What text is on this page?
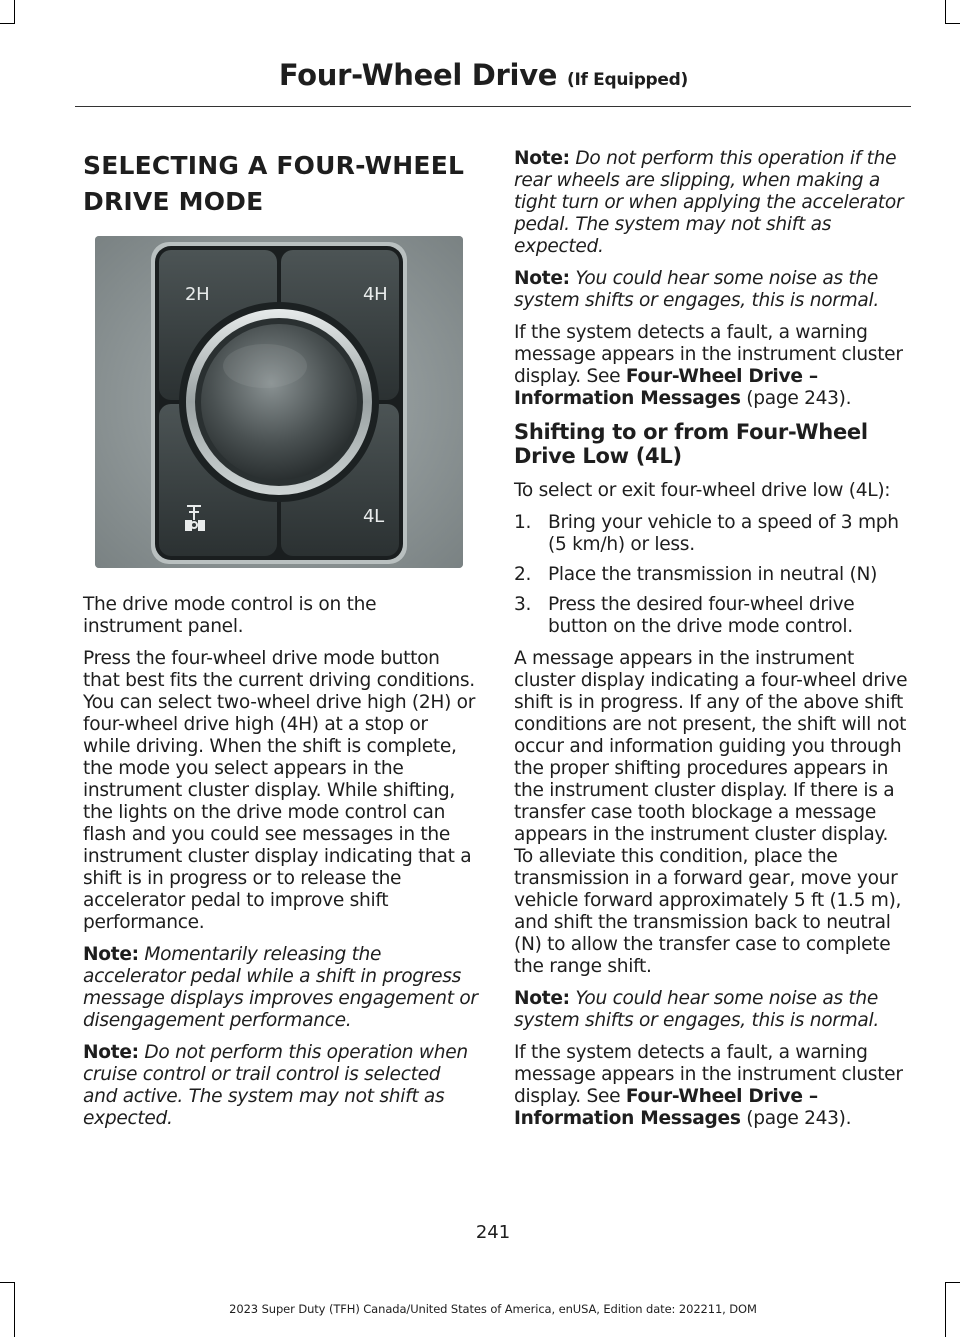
Four-Wheel Drive (If Equipped)
SELECTING A FOUR-WHEEL
DRIVE MODE
2H	4H
4L

The drive mode control is on the instrument panel.

Press the four-wheel drive mode button that best fits the current driving conditions. You can select two-wheel drive high (2H) or four-wheel drive high (4H) at a stop or while driving. When the shift is complete, the mode you select appears in the instrument cluster display. While shifting, the lights on the drive mode control can flash and you could see messages in the instrument cluster display indicating that a shift is in progress or to release the accelerator pedal to improve shift performance.

Note: Momentarily releasing the accelerator pedal while a shift in progress message displays improves engagement or disengagement performance.

Note: Do not perform this operation when cruise control or trail control is selected and active. The system may not shift as expected.

Note: Do not perform this operation if the rear wheels are slipping, when making a tight turn or when applying the accelerator pedal. The system may not shift as expected.

Note: You could hear some noise as the system shifts or engages, this is normal.

If the system detects a fault, a warning message appears in the instrument cluster display. See Four-Wheel Drive – Information Messages (page 243).

Shifting to or from Four-Wheel Drive Low (4L)

To select or exit four-wheel drive low (4L):

1. Bring your vehicle to a speed of 3 mph (5 km/h) or less.
2. Place the transmission in neutral (N)
3. Press the desired four-wheel drive button on the drive mode control.

A message appears in the instrument cluster display indicating a four-wheel drive shift is in progress. If any of the above shift conditions are not present, the shift will not occur and information guiding you through the proper shifting procedures appears in the instrument cluster display. If there is a transfer case tooth blockage a message appears in the instrument cluster display. To alleviate this condition, place the transmission in a forward gear, move your vehicle forward approximately 5 ft (1.5 m), and shift the transmission back to neutral (N) to allow the transfer case to complete the range shift.

Note: You could hear some noise as the system shifts or engages, this is normal.

If the system detects a fault, a warning message appears in the instrument cluster display. See Four-Wheel Drive – Information Messages (page 243).

241
2023 Super Duty (TFH) Canada/United States of America, enUSA, Edition date: 202211, DOM
